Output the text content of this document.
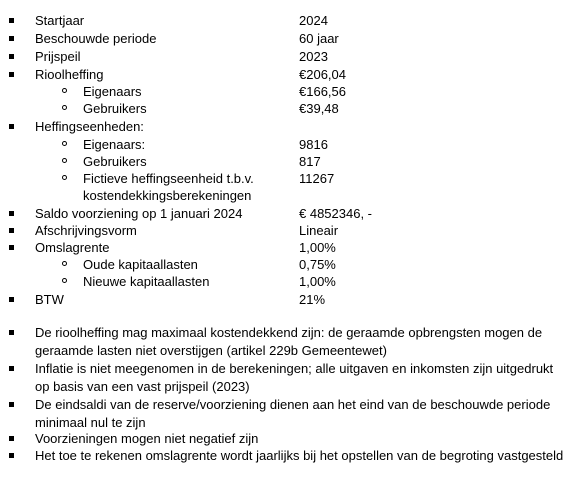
Startjaar	2024
Beschouwde periode	60 jaar
Prijspeil	2023
Rioolheffing	€206,04
Eigenaars	€166,56
Gebruikers	€39,48
Heffingseenheden:
Eigenaars:	9816
Gebruikers	817
Fictieve heffingseenheid t.b.v.	11267
kostendekkingsberekeningen
Saldo voorziening op 1 januari 2024	€ 4852346, -
Afschrijvingsvorm	Lineair
Omslagrente	1,00%
Oude kapitaallasten	0,75%
Nieuwe kapitaallasten	1,00%
BTW	21%
De rioolheffing mag maximaal kostendekkend zijn: de geraamde opbrengsten mogen de geraamde lasten niet overstijgen (artikel 229b Gemeentewet)
Inflatie is niet meegenomen in de berekeningen; alle uitgaven en inkomsten zijn uitgedrukt op basis van een vast prijspeil (2023)
De eindsaldi van de reserve/voorziening dienen aan het eind van de beschouwde periode minimaal nul te zijn
Voorzieningen mogen niet negatief zijn
Het toe te rekenen omslagrente wordt jaarlijks bij het opstellen van de begroting vastgesteld
